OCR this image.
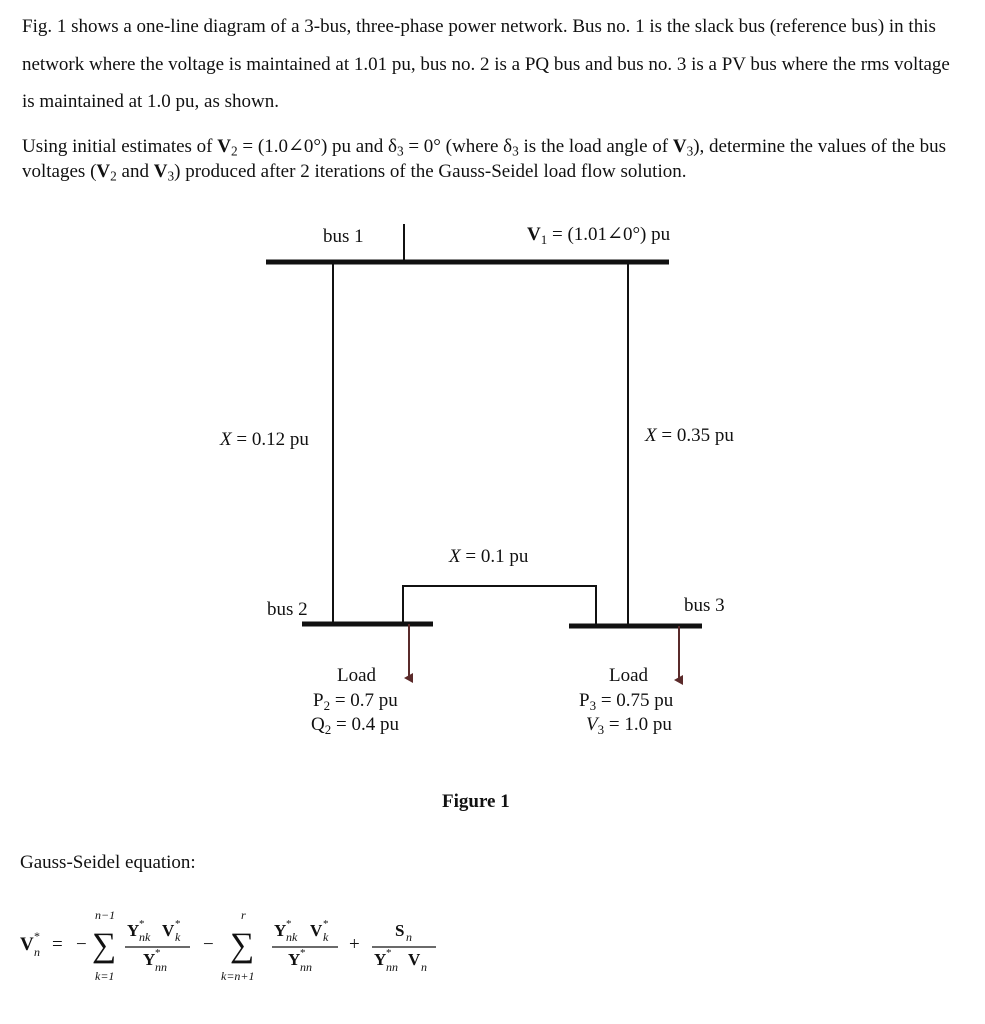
Fig. 1 shows a one-line diagram of a 3-bus, three-phase power network. Bus no. 1 is the slack bus (reference bus) in this network where the voltage is maintained at 1.01 pu, bus no. 2 is a PQ bus and bus no. 3 is a PV bus where the rms voltage is maintained at 1.0 pu, as shown.
Using initial estimates of $V_2$ = (1.0∠0°) pu and $\delta_3 = 0^\circ$ (where $\delta_3$ is the load angle of $V_3$), determine the values of the bus voltages ($V_2$ and $V_3$) produced after 2 iterations of the Gauss-Seidel load flow solution.
bus 1	$V_1$ = (1.01∠0°) pu
X = 0.12 pu	X = 0.35 pu
X = 0.1 pu
bus 2	bus 3
Load
$P_2 = 0.7$ pu
$Q_2 = 0.4$ pu
Load
$P_3 = 0.75$ pu
$V_3 = 1.0$ pu
Figure 1
Gauss-Seidel equation:
V *
n = −
n−1
∑
k=1
Y *
nk V *
k
Y *
nn
−
r
∑
k=n+1
Y *
nk V *
k
Y *
nn
+
S n
Y *
nn V n
